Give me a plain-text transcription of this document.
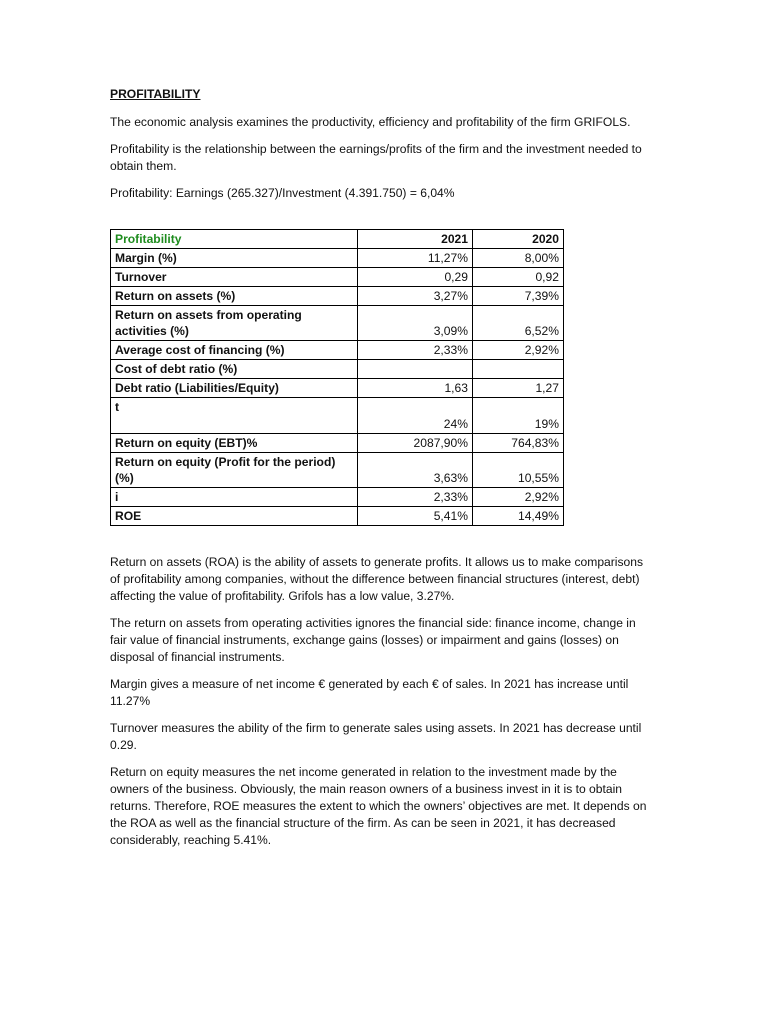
PROFITABILITY

The economic analysis examines the productivity, efficiency and profitability of the firm GRIFOLS.

Profitability is the relationship between the earnings/profits of the firm and the investment needed to obtain them.

Profitability: Earnings (265.327)/Investment (4.391.750) = 6,04%

Profitability	2021	2020
Margin (%)	11,27%	8,00%
Turnover	0,29	0,92
Return on assets (%)	3,27%	7,39%
Return on assets from operating activities (%)	3,09%	6,52%
Average cost of financing (%)	2,33%	2,92%
Cost of debt ratio (%)		
Debt ratio (Liabilities/Equity)	1,63	1,27
t	24%	19%
Return on equity (EBT)%	2087,90%	764,83%
Return on equity (Profit for the period) (%)	3,63%	10,55%
i	2,33%	2,92%
ROE	5,41%	14,49%

Return on assets (ROA) is the ability of assets to generate profits. It allows us to make comparisons of profitability among companies, without the difference between financial structures (interest, debt) affecting the value of profitability. Grifols has a low value, 3.27%.

The return on assets from operating activities ignores the financial side: finance income, change in fair value of financial instruments, exchange gains (losses) or impairment and gains (losses) on disposal of financial instruments.

Margin gives a measure of net income € generated by each € of sales. In 2021 has increase until 11.27%

Turnover measures the ability of the firm to generate sales using assets. In 2021 has decrease until 0.29.

Return on equity measures the net income generated in relation to the investment made by the owners of the business. Obviously, the main reason owners of a business invest in it is to obtain returns. Therefore, ROE measures the extent to which the owners’ objectives are met. It depends on the ROA as well as the financial structure of the firm. As can be seen in 2021, it has decreased considerably, reaching 5.41%.
